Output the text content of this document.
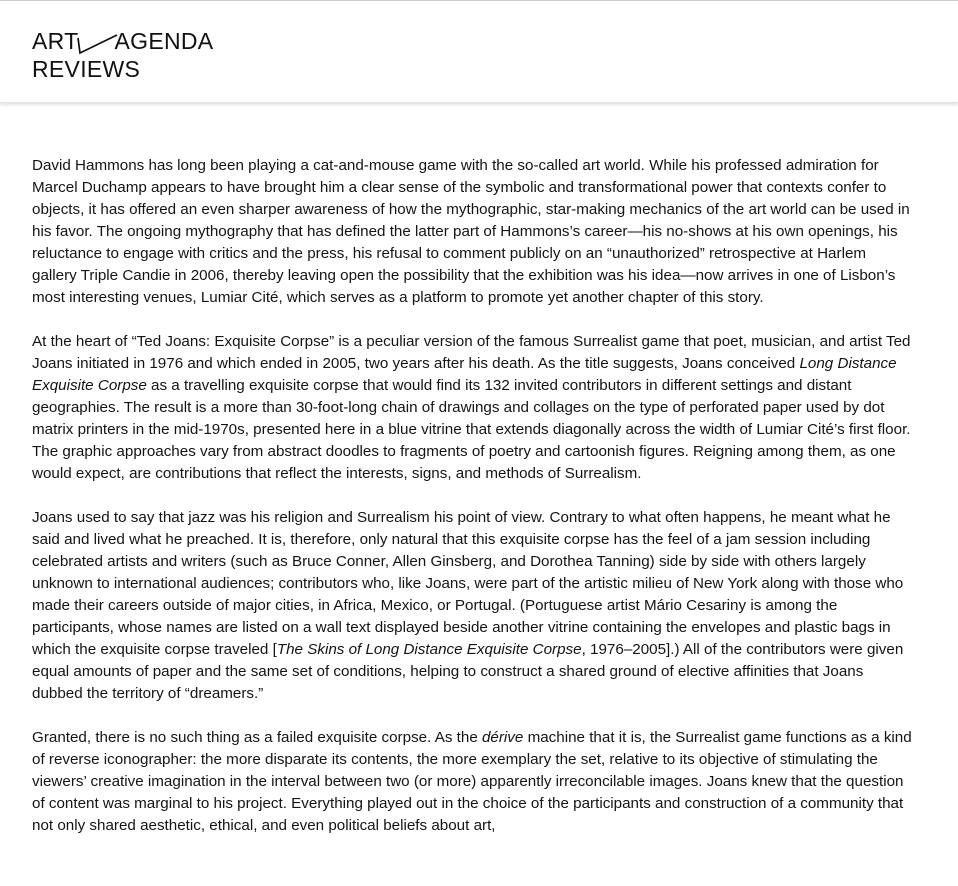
ART AGENDA
REVIEWS

David Hammons has long been playing a cat-and-mouse game with the so-called art world. While his professed admiration for Marcel Duchamp appears to have brought him a clear sense of the symbolic and transformational power that contexts confer to objects, it has offered an even sharper awareness of how the mythographic, star-making mechanics of the art world can be used in his favor. The ongoing mythography that has defined the latter part of Hammons’s career—his no-shows at his own openings, his reluctance to engage with critics and the press, his refusal to comment publicly on an “unauthorized” retrospective at Harlem gallery Triple Candie in 2006, thereby leaving open the possibility that the exhibition was his idea—now arrives in one of Lisbon’s most interesting venues, Lumiar Cité, which serves as a platform to promote yet another chapter of this story.

At the heart of “Ted Joans: Exquisite Corpse” is a peculiar version of the famous Surrealist game that poet, musician, and artist Ted Joans initiated in 1976 and which ended in 2005, two years after his death. As the title suggests, Joans conceived Long Distance Exquisite Corpse as a travelling exquisite corpse that would find its 132 invited contributors in different settings and distant geographies. The result is a more than 30-foot-long chain of drawings and collages on the type of perforated paper used by dot matrix printers in the mid-1970s, presented here in a blue vitrine that extends diagonally across the width of Lumiar Cité’s first floor. The graphic approaches vary from abstract doodles to fragments of poetry and cartoonish figures. Reigning among them, as one would expect, are contributions that reflect the interests, signs, and methods of Surrealism.

Joans used to say that jazz was his religion and Surrealism his point of view. Contrary to what often happens, he meant what he said and lived what he preached. It is, therefore, only natural that this exquisite corpse has the feel of a jam session including celebrated artists and writers (such as Bruce Conner, Allen Ginsberg, and Dorothea Tanning) side by side with others largely unknown to international audiences; contributors who, like Joans, were part of the artistic milieu of New York along with those who made their careers outside of major cities, in Africa, Mexico, or Portugal. (Portuguese artist Mário Cesariny is among the participants, whose names are listed on a wall text displayed beside another vitrine containing the envelopes and plastic bags in which the exquisite corpse traveled [The Skins of Long Distance Exquisite Corpse, 1976–2005].) All of the contributors were given equal amounts of paper and the same set of conditions, helping to construct a shared ground of elective affinities that Joans dubbed the territory of “dreamers.”

Granted, there is no such thing as a failed exquisite corpse. As the dérive machine that it is, the Surrealist game functions as a kind of reverse iconographer: the more disparate its contents, the more exemplary the set, relative to its objective of stimulating the viewers’ creative imagination in the interval between two (or more) apparently irreconcilable images. Joans knew that the question of content was marginal to his project. Everything played out in the choice of the participants and construction of a community that not only shared aesthetic, ethical, and even political beliefs about art,
